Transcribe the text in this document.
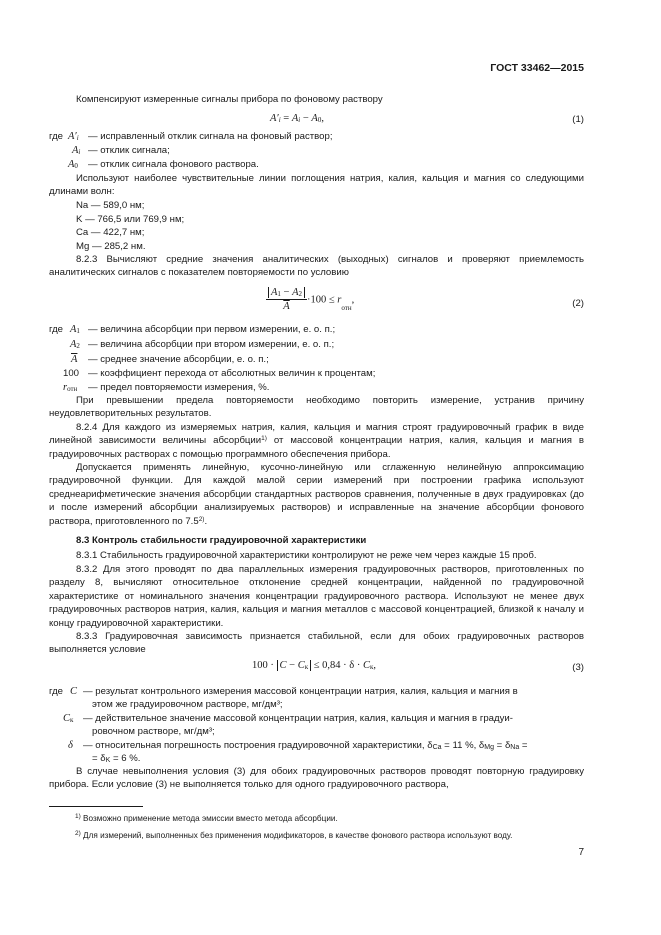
ГОСТ 33462—2015
Компенсируют измеренные сигналы прибора по фоновому раствору
$A'_i = A_i - A_0$,	(1)
где $A'_i$ — исправленный отклик сигнала на фоновый раствор;
$A_i$ — отклик сигнала;
$A_0$ — отклик сигнала фонового раствора.
Используют наиболее чувствительные линии поглощения натрия, калия, кальция и магния со следующими длинами волн:
Na — 589,0 нм;
K — 766,5 или 769,9 нм;
Ca — 422,7 нм;
Mg — 285,2 нм.
8.2.3 Вычисляют средние значения аналитических (выходных) сигналов и проверяют приемлемость аналитических сигналов с показателем повторяемости по условию
$\frac{A_1 - A_2}{A} \cdot 100 \le r_{отн}$,	(2)
где $A_1$ — величина абсорбции при первом измерении, е. о. п.;
$A_2$ — величина абсорбции при втором измерении, е. о. п.;
$\overline{A}$ — среднее значение абсорбции, е. о. п.;
100 — коэффициент перехода от абсолютных величин к процентам;
$r_{отн}$ — предел повторяемости измерения, %.
При превышении предела повторяемости необходимо повторить измерение, устранив причину неудовлетворительных результатов.
8.2.4 Для каждого из измеряемых натрия, калия, кальция и магния строят градуировочный график в виде линейной зависимости величины абсорбции$^{1)}$ от массовой концентрации натрия, калия, кальция и магния в градуировочных растворах с помощью программного обеспечения прибора.
Допускается применять линейную, кусочно-линейную или сглаженную нелинейную аппроксимацию градуировочной функции. Для каждой малой серии измерений при построении графика используют среднеарифметические значения абсорбции стандартных растворов сравнения, полученные в двух градуировках (до и после измерений абсорбции анализируемых растворов) и исправленные на значение абсорбции фонового раствора, приготовленного по 7.5$^{2)}$.
8.3 Контроль стабильности градуировочной характеристики
8.3.1 Стабильность градуировочной характеристики контролируют не реже чем через каждые 15 проб.
8.3.2 Для этого проводят по два параллельных измерения градуировочных растворов, приготовленных по разделу 8, вычисляют относительное отклонение средней концентрации, найденной по градуировочной характеристике от номинального значения концентрации градуировочного раствора. Используют не менее двух градуировочных растворов натрия, калия, кальция и магния металлов с массовой концентрацией, близкой к началу и концу градуировочной характеристики.
8.3.3 Градуировочная зависимость признается стабильной, если для обоих градуировочных растворов выполняется условие
$100 \cdot C - C_к \le 0,84 \cdot \delta \cdot C_к$,	(3)
где C — результат контрольного измерения массовой концентрации натрия, калия, кальция и магния в
этом же градуировочном растворе, мг/дм³;
$C_к$ — действительное значение массовой концентрации натрия, калия, кальция и магния в градуи-
ровочном растворе, мг/дм³;
δ — относительная погрешность построения градуировочной характеристики, $\delta_{Ca} = 11$ %, $\delta_{Mg} = \delta_{Na}$ =
= $\delta_K = 6$ %.
В случае невыполнения условия (3) для обоих градуировочных растворов проводят повторную градуировку прибора. Если условие (3) не выполняется только для одного градуировочного раствора,
$^{1)}$ Возможно применение метода эмиссии вместо метода абсорбции.
$^{2)}$ Для измерений, выполненных без применения модификаторов, в качестве фонового раствора используют воду.
7
